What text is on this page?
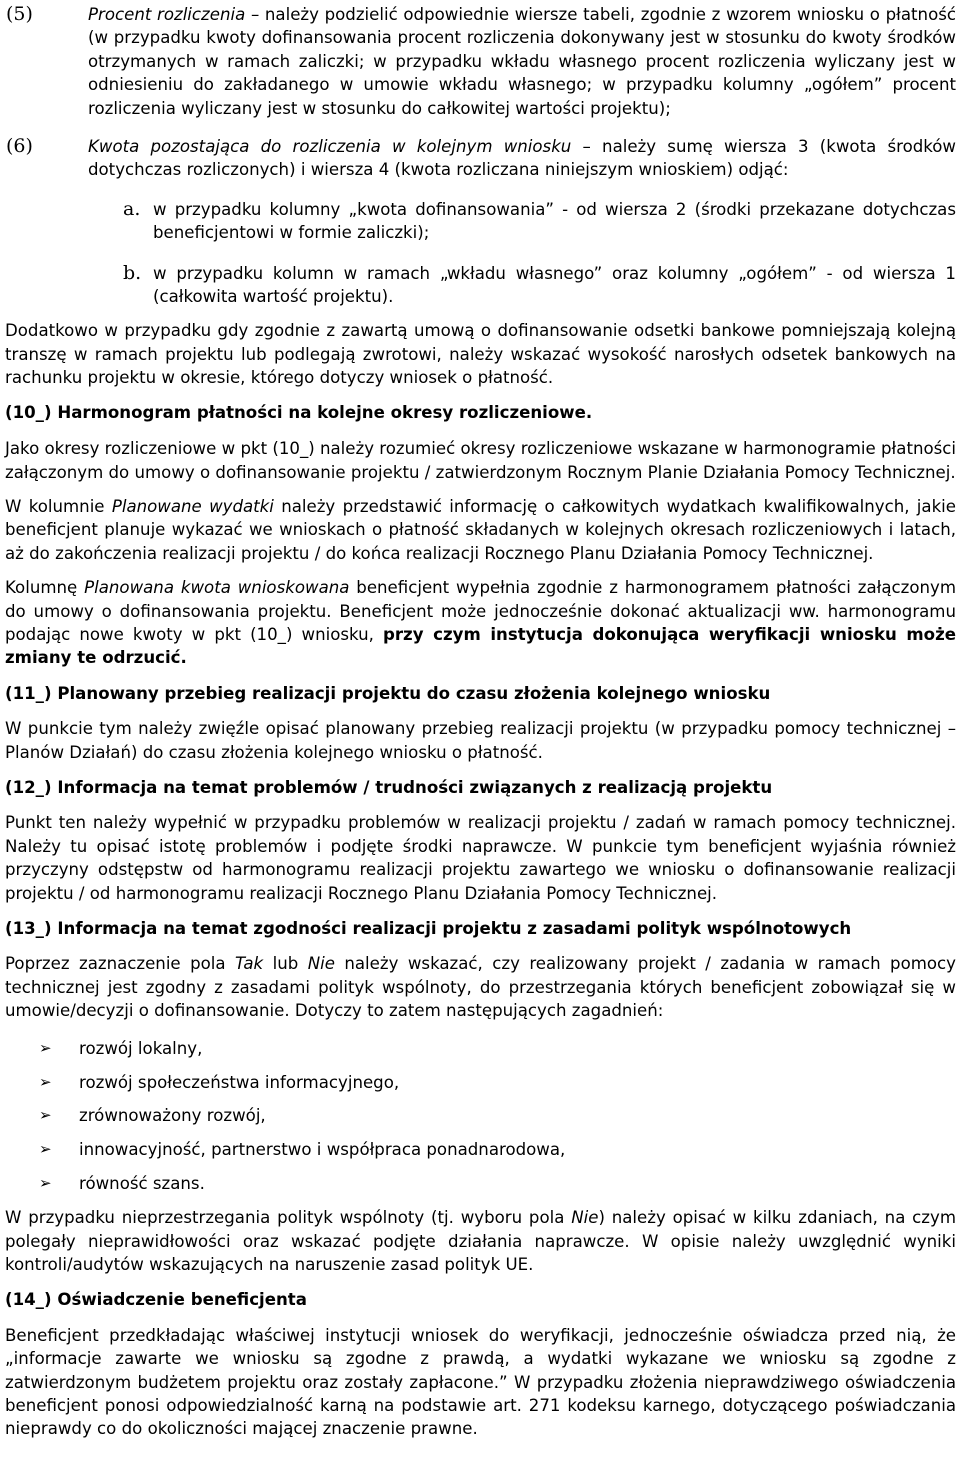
(5)	Procent rozliczenia – należy podzielić odpowiednie wiersze tabeli, zgodnie z wzorem wniosku o płatność (w przypadku kwoty dofinansowania procent rozliczenia dokonywany jest w stosunku do kwoty środków otrzymanych w ramach zaliczki; w przypadku wkładu własnego procent rozliczenia wyliczany jest w odniesieniu do zakładanego w umowie wkładu własnego; w przypadku kolumny „ogółem” procent rozliczenia wyliczany jest w stosunku do całkowitej wartości projektu);
(6)	Kwota pozostająca do rozliczenia w kolejnym wniosku – należy sumę wiersza 3 (kwota środków dotychczas rozliczonych) i wiersza 4 (kwota rozliczana niniejszym wnioskiem) odjąć:
a. w przypadku kolumny „kwota dofinansowania” - od wiersza 2 (środki przekazane dotychczas beneficjentowi w formie zaliczki);
b. w przypadku kolumn w ramach „wkładu własnego” oraz kolumny „ogółem” - od wiersza 1 (całkowita wartość projektu).

Dodatkowo w przypadku gdy zgodnie z zawartą umową o dofinansowanie odsetki bankowe pomniejszają kolejną transzę w ramach projektu lub podlegają zwrotowi, należy wskazać wysokość narosłych odsetek bankowych na rachunku projektu w okresie, którego dotyczy wniosek o płatność.

(10_) Harmonogram płatności na kolejne okresy rozliczeniowe.

Jako okresy rozliczeniowe w pkt (10_) należy rozumieć okresy rozliczeniowe wskazane w harmonogramie płatności załączonym do umowy o dofinansowanie projektu / zatwierdzonym Rocznym Planie Działania Pomocy Technicznej.

W kolumnie Planowane wydatki należy przedstawić informację o całkowitych wydatkach kwalifikowalnych, jakie beneficjent planuje wykazać we wnioskach o płatność składanych w kolejnych okresach rozliczeniowych i latach, aż do zakończenia realizacji projektu / do końca realizacji Rocznego Planu Działania Pomocy Technicznej.

Kolumnę Planowana kwota wnioskowana beneficjent wypełnia zgodnie z harmonogramem płatności załączonym do umowy o dofinansowania projektu. Beneficjent może jednocześnie dokonać aktualizacji ww. harmonogramu podając nowe kwoty w pkt (10_) wniosku, przy czym instytucja dokonująca weryfikacji wniosku może zmiany te odrzucić.

(11_) Planowany przebieg realizacji projektu do czasu złożenia kolejnego wniosku

W punkcie tym należy zwięźle opisać planowany przebieg realizacji projektu (w przypadku pomocy technicznej – Planów Działań) do czasu złożenia kolejnego wniosku o płatność.

(12_) Informacja na temat problemów / trudności związanych z realizacją projektu

Punkt ten należy wypełnić w przypadku problemów w realizacji projektu / zadań w ramach pomocy technicznej. Należy tu opisać istotę problemów i podjęte środki naprawcze. W punkcie tym beneficjent wyjaśnia również przyczyny odstępstw od harmonogramu realizacji projektu zawartego we wniosku o dofinansowanie realizacji projektu / od harmonogramu realizacji Rocznego Planu Działania Pomocy Technicznej.

(13_) Informacja na temat zgodności realizacji projektu z zasadami polityk wspólnotowych

Poprzez zaznaczenie pola Tak lub Nie należy wskazać, czy realizowany projekt / zadania w ramach pomocy technicznej jest zgodny z zasadami polityk wspólnoty, do przestrzegania których beneficjent zobowiązał się w umowie/decyzji o dofinansowanie. Dotyczy to zatem następujących zagadnień:

➢ rozwój lokalny,
➢ rozwój społeczeństwa informacyjnego,
➢ zrównoważony rozwój,
➢ innowacyjność, partnerstwo i współpraca ponadnarodowa,
➢ równość szans.

W przypadku nieprzestrzegania polityk wspólnoty (tj. wyboru pola Nie) należy opisać w kilku zdaniach, na czym polegały nieprawidłowości oraz wskazać podjęte działania naprawcze. W opisie należy uwzględnić wyniki kontroli/audytów wskazujących na naruszenie zasad polityk UE.

(14_) Oświadczenie beneficjenta

Beneficjent przedkładając właściwej instytucji wniosek do weryfikacji, jednocześnie oświadcza przed nią, że „informacje zawarte we wniosku są zgodne z prawdą, a wydatki wykazane we wniosku są zgodne z zatwierdzonym budżetem projektu oraz zostały zapłacone.” W przypadku złożenia nieprawdziwego oświadczenia beneficjent ponosi odpowiedzialność karną na podstawie art. 271 kodeksu karnego, dotyczącego poświadczania nieprawdy co do okoliczności mającej znaczenie prawne.
